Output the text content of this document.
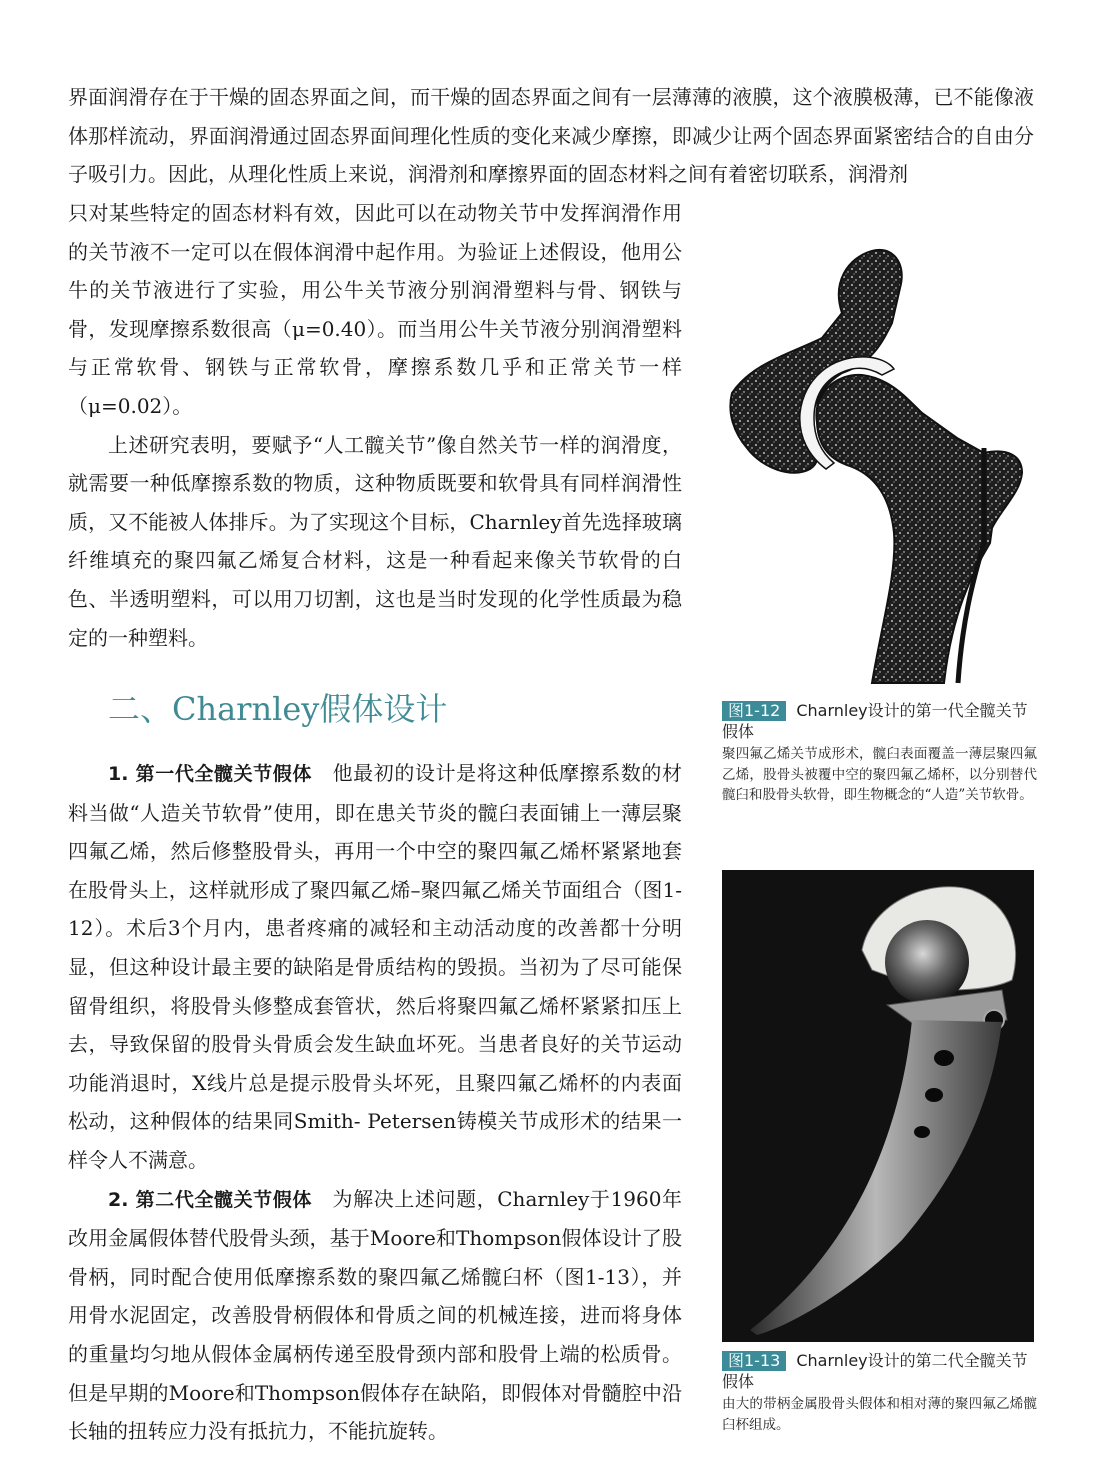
界面润滑存在于干燥的固态界面之间，而干燥的固态界面之间有一层薄薄的液膜，这个液膜极薄，已不能像液体那样流动，界面润滑通过固态界面间理化性质的变化来减少摩擦，即减少让两个固态界面紧密结合的自由分子吸引力。因此，从理化性质上来说，润滑剂和摩擦界面的固态材料之间有着密切联系，润滑剂

只对某些特定的固态材料有效，因此可以在动物关节中发挥润滑作用的关节液不一定可以在假体润滑中起作用。为验证上述假设，他用公牛的关节液进行了实验，用公牛关节液分别润滑塑料与骨、钢铁与骨，发现摩擦系数很高（μ=0.40）。而当用公牛关节液分别润滑塑料与正常软骨、钢铁与正常软骨，摩擦系数几乎和正常关节一样（μ=0.02）。

上述研究表明，要赋予“人工髋关节”像自然关节一样的润滑度，就需要一种低摩擦系数的物质，这种物质既要和软骨具有同样润滑性质，又不能被人体排斥。为了实现这个目标，Charnley首先选择玻璃纤维填充的聚四氟乙烯复合材料，这是一种看起来像关节软骨的白色、半透明塑料，可以用刀切割，这也是当时发现的化学性质最为稳定的一种塑料。

二、Charnley假体设计

1. 第一代全髋关节假体　 他最初的设计是将这种低摩擦系数的材料当做“人造关节软骨”使用，即在患关节炎的髋臼表面铺上一薄层聚四氟乙烯，然后修整股骨头，再用一个中空的聚四氟乙烯杯紧紧地套在股骨头上，这样就形成了聚四氟乙烯–聚四氟乙烯关节面组合（图1-12）。术后3个月内，患者疼痛的减轻和主动活动度的改善都十分明显，但这种设计最主要的缺陷是骨质结构的毁损。当初为了尽可能保留骨组织，将股骨头修整成套管状，然后将聚四氟乙烯杯紧紧扣压上去，导致保留的股骨头骨质会发生缺血坏死。当患者良好的关节运动功能消退时，X线片总是提示股骨头坏死，且聚四氟乙烯杯的内表面松动，这种假体的结果同Smith- Petersen铸模关节成形术的结果一样令人不满意。

2. 第二代全髋关节假体　 为解决上述问题，Charnley于1960年改用金属假体替代股骨头颈，基于Moore和Thompson假体设计了股骨柄，同时配合使用低摩擦系数的聚四氟乙烯髋臼杯（图1-13），并用骨水泥固定，改善股骨柄假体和骨质之间的机械连接，进而将身体的重量均匀地从假体金属柄传递至股骨颈内部和股骨上端的松质骨。但是早期的Moore和Thompson假体存在缺陷，即假体对骨髓腔中沿长轴的扭转应力没有抵抗力，不能抗旋转。

图1-12 Charnley设计的第一代全髋关节假体

聚四氟乙烯关节成形术，髋臼表面覆盖一薄层聚四氟乙烯，股骨头被覆中空的聚四氟乙烯杯，以分别替代髋臼和股骨头软骨，即生物概念的“人造”关节软骨。

图1-13 Charnley设计的第二代全髋关节假体

由大的带柄金属股骨头假体和相对薄的聚四氟乙烯髋臼杯组成。
